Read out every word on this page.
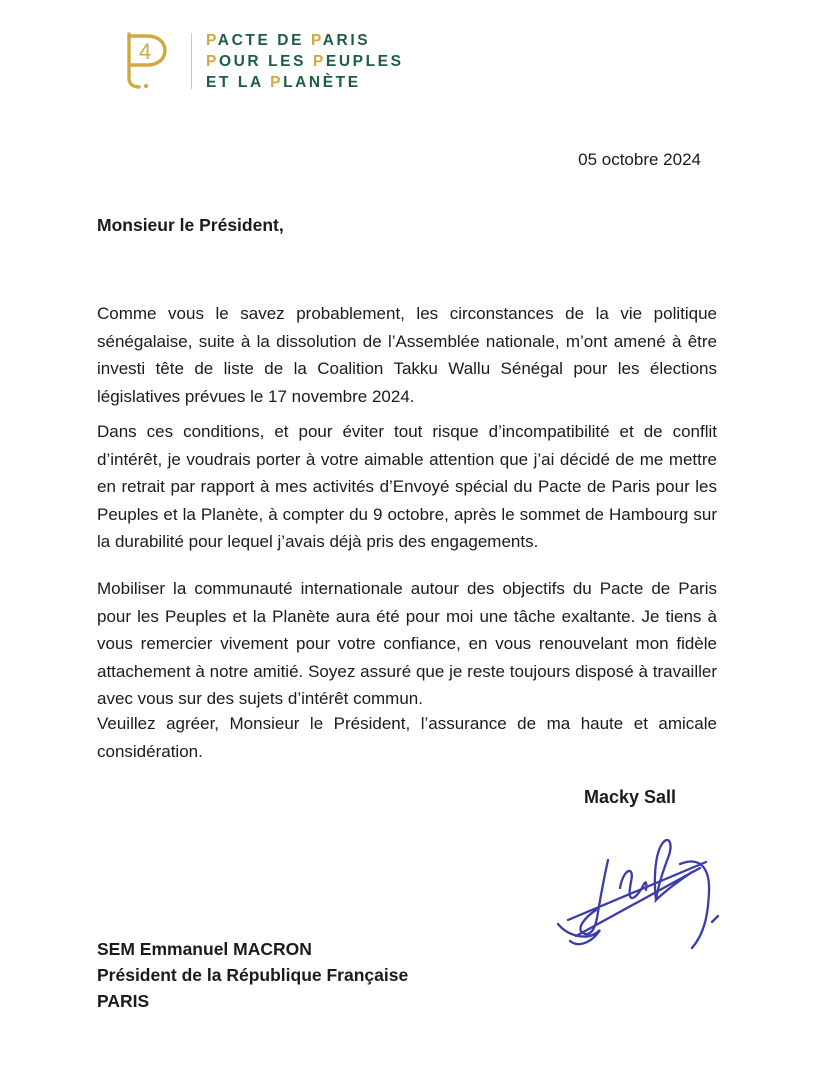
4	PACTE DE PARIS
POUR LES PEUPLES
ET LA PLANÈTE
05 octobre 2024
Monsieur le Président,

Comme vous le savez probablement, les circonstances de la vie politique sénégalaise, suite à la dissolution de l’Assemblée nationale, m’ont amené à être investi tête de liste de la Coalition Takku Wallu Sénégal pour les élections législatives prévues le 17 novembre 2024.

Dans ces conditions, et pour éviter tout risque d’incompatibilité et de conflit d’intérêt, je voudrais porter à votre aimable attention que j’ai décidé de me mettre en retrait par rapport à mes activités d’Envoyé spécial du Pacte de Paris pour les Peuples et la Planète, à compter du 9 octobre, après le sommet de Hambourg sur la durabilité pour lequel j’avais déjà pris des engagements.

Mobiliser la communauté internationale autour des objectifs du Pacte de Paris pour les Peuples et la Planète aura été pour moi une tâche exaltante. Je tiens à vous remercier vivement pour votre confiance, en vous renouvelant mon fidèle attachement à notre amitié. Soyez assuré que je reste toujours disposé à travailler avec vous sur des sujets d’intérêt commun.

Veuillez agréer, Monsieur le Président, l’assurance de ma haute et amicale considération.

Macky Sall
SEM Emmanuel MACRON
Président de la République Française
PARIS
